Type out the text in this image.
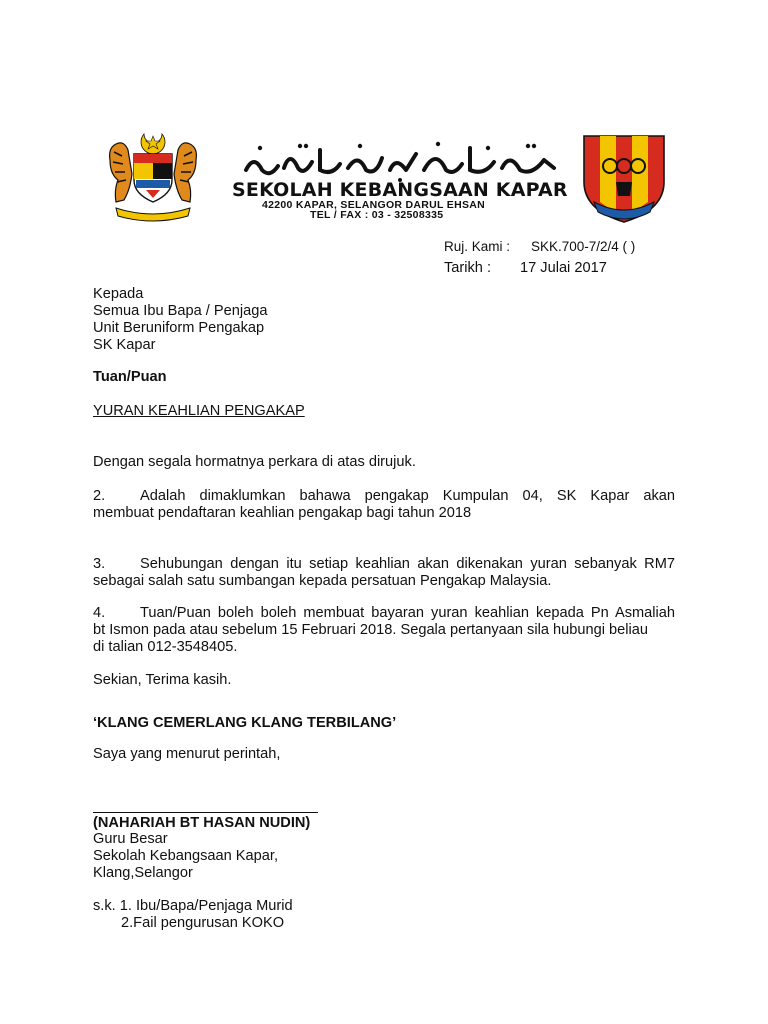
SEKOLAH KEBANGSAAN KAPAR
42200 KAPAR, SELANGOR DARUL EHSAN
TEL / FAX : 03 - 32508335
Ruj. Kami : SKK.700-7/2/4 ( )
Tarikh : 17 Julai 2017
Kepada
Semua Ibu Bapa / Penjaga
Unit Beruniform Pengakap
SK Kapar
Tuan/Puan
YURAN KEAHLIAN PENGAKAP
Dengan segala hormatnya perkara di atas dirujuk.
2. Adalah dimaklumkan bahawa pengakap Kumpulan 04, SK Kapar akan
membuat pendaftaran keahlian pengakap bagi tahun 2018
3. Sehubungan dengan itu setiap keahlian akan dikenakan yuran sebanyak RM7
sebagai salah satu sumbangan kepada persatuan Pengakap Malaysia.
4. Tuan/Puan boleh boleh membuat bayaran yuran keahlian kepada Pn Asmaliah
bt Ismon pada atau sebelum 15 Februari 2018. Segala pertanyaan sila hubungi beliau
di talian 012-3548405.
Sekian, Terima kasih.
‘KLANG CEMERLANG KLANG TERBILANG’
Saya yang menurut perintah,
(NAHARIAH BT HASAN NUDIN)
Guru Besar
Sekolah Kebangsaan Kapar,
Klang,Selangor
s.k. 1. Ibu/Bapa/Penjaga Murid
2.Fail pengurusan KOKO
